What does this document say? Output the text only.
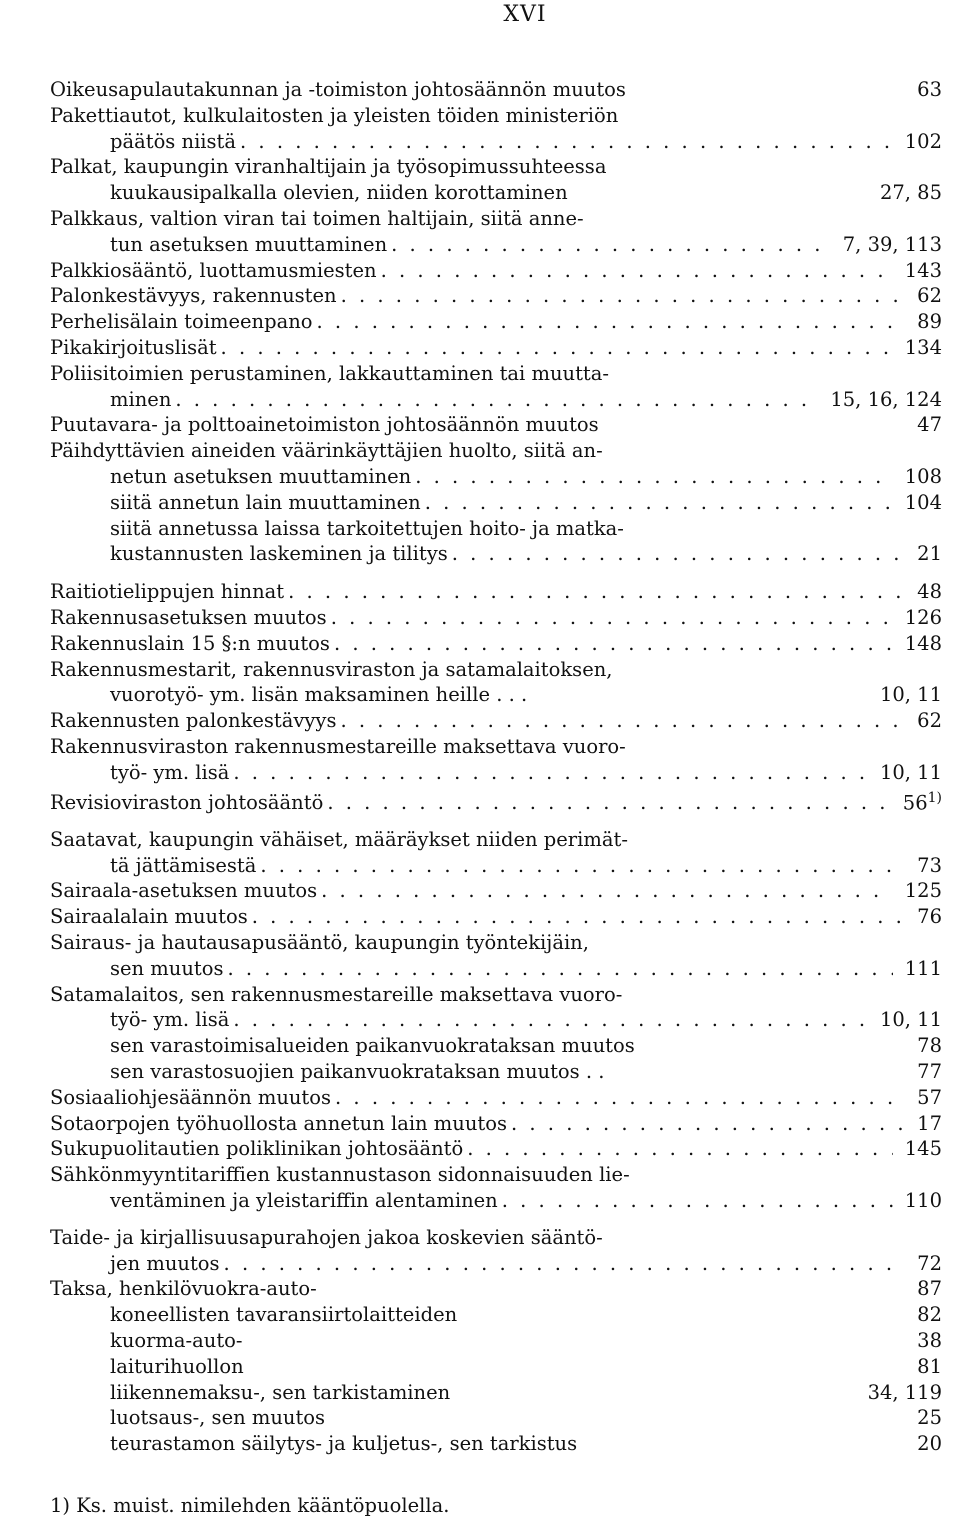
XVI
Oikeusapulautakunnan ja -toimiston johtosäännön muutos	63
Pakettiautot, kulkulaitosten ja yleisten töiden ministeriön
päätös niistä . . .	102
Palkat, kaupungin viranhaltijain ja työsopimussuhteessa
kuukausipalkalla olevien, niiden korottaminen	27, 85
Palkkaus, valtion viran tai toimen haltijain, siitä anne-
tun asetuksen muuttaminen . . .	7, 39, 113
Palkkiosääntö, luottamusmiesten . . .	143
Palonkestävyys, rakennusten . . .	62
Perhelisälain toimeenpano . . .	89
Pikakirjoituslisät . . .	134
Poliisitoimien perustaminen, lakkauttaminen tai muutta-
minen . . .	15, 16, 124
Puutavara- ja polttoainetoimiston johtosäännön muutos	47
Päihdyttävien aineiden väärinkäyttäjien huolto, siitä an-
netun asetuksen muuttaminen . . .	108
siitä annetun lain muuttaminen . . .	104
siitä annetussa laissa tarkoitettujen hoito- ja matka-
kustannusten laskeminen ja tilitys . . .	21
Raitiotielippujen hinnat . . .	48
Rakennusasetuksen muutos . . .	126
Rakennuslain 15 §:n muutos . . .	148
Rakennusmestarit, rakennusviraston ja satamalaitoksen,
vuorotyö- ym. lisän maksaminen heille . . .	10, 11
Rakennusten palonkestävyys . . .	62
Rakennusviraston rakennusmestareille maksettava vuoro-
työ- ym. lisä . . .	10, 11
Revisioviraston johtosääntö . . .	56$^{1)}$
Saatavat, kaupungin vähäiset, määräykset niiden perimät-
tä jättämisestä . . .	73
Sairaala-asetuksen muutos . . .	125
Sairaalalain muutos . . .	76
Sairaus- ja hautausapusääntö, kaupungin työntekijäin,
sen muutos . . .	111
Satamalaitos, sen rakennusmestareille maksettava vuoro-
työ- ym. lisä . . .	10, 11
sen varastoimisalueiden paikanvuokrataksan muutos	78
sen varastosuojien paikanvuokrataksan muutos . .	77
Sosiaaliohjesäännön muutos . . .	57
Sotaorpojen työhuollosta annetun lain muutos . . .	17
Sukupuolitautien poliklinikan johtosääntö . . .	145
Sähkönmyyntitariffien kustannustason sidonnaisuuden lie-
ventäminen ja yleistariffin alentaminen . . .	110
Taide- ja kirjallisuusapurahojen jakoa koskevien sääntö-
jen muutos . . .	72
Taksa, henkilövuokra-auto-	87
koneellisten tavaransiirtolaitteiden	82
kuorma-auto-	38
laiturihuollon	81
liikennemaksu-, sen tarkistaminen	34, 119
luotsaus-, sen muutos	25
teurastamon säilytys- ja kuljetus-, sen tarkistus	20
1) Ks. muist. nimilehden kääntöpuolella.
